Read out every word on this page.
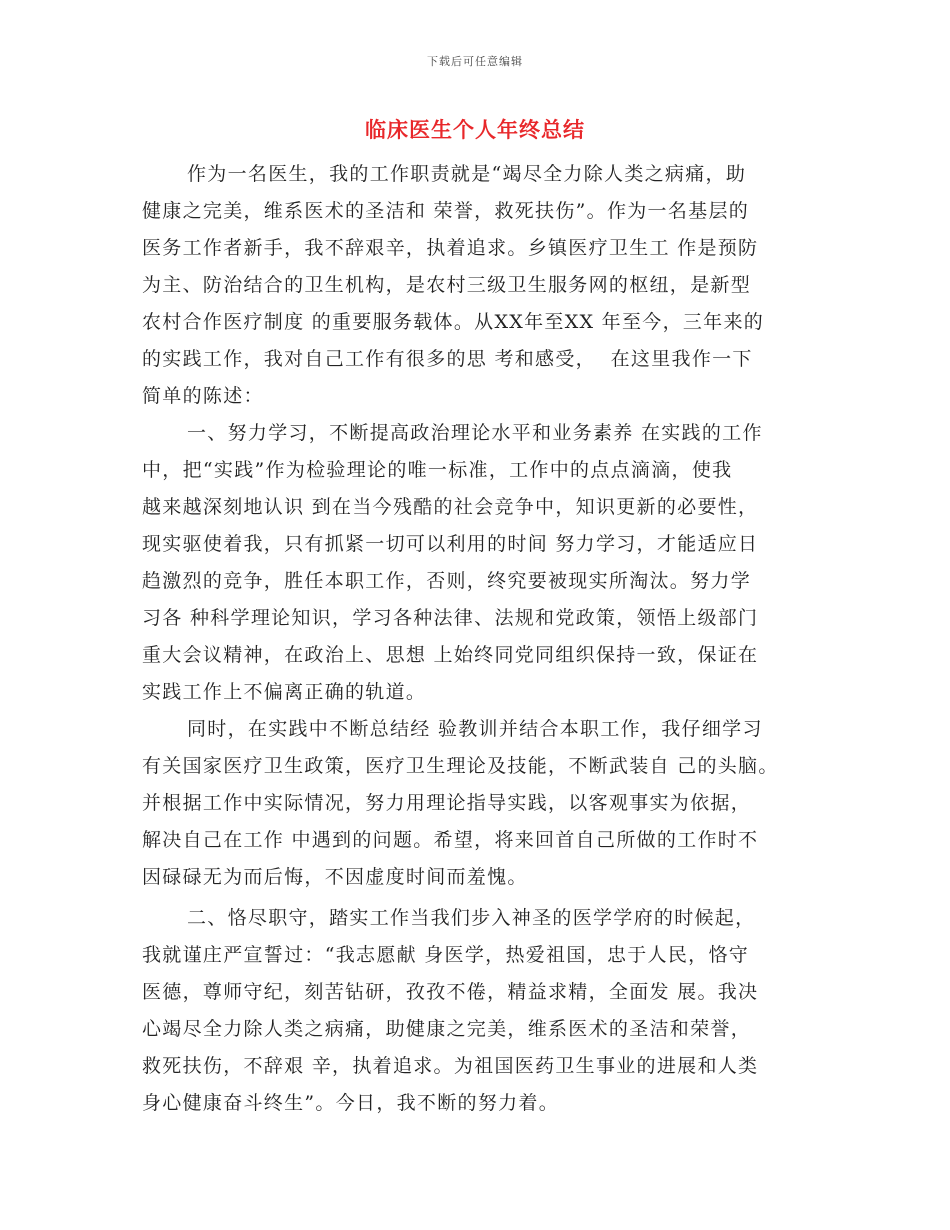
下载后可任意编辑
临床医生个人年终总结
作为一名医生，我的工作职责就是“竭尽全力除人类之病痛，助
健康之完美，维系医术的圣洁和 荣誉，救死扶伤”。作为一名基层的
医务工作者新手，我不辞艰辛，执着追求。乡镇医疗卫生工 作是预防
为主、防治结合的卫生机构，是农村三级卫生服务网的枢纽，是新型
农村合作医疗制度 的重要服务载体。从XX年至XX 年至今，三年来的
的实践工作，我对自己工作有很多的思 考和感受，  在这里我作一下
简单的陈述：
一、努力学习，不断提高政治理论水平和业务素养 在实践的工作
中，把“实践”作为检验理论的唯一标准，工作中的点点滴滴，使我
越来越深刻地认识 到在当今残酷的社会竞争中，知识更新的必要性，
现实驱使着我，只有抓紧一切可以利用的时间 努力学习，才能适应日
趋激烈的竞争，胜任本职工作，否则，终究要被现实所淘汰。努力学
习各 种科学理论知识，学习各种法律、法规和党政策，领悟上级部门
重大会议精神，在政治上、思想 上始终同党同组织保持一致，保证在
实践工作上不偏离正确的轨道。
同时，在实践中不断总结经 验教训并结合本职工作，我仔细学习
有关国家医疗卫生政策，医疗卫生理论及技能，不断武装自 己的头脑。
并根据工作中实际情况，努力用理论指导实践，以客观事实为依据，
解决自己在工作 中遇到的问题。希望，将来回首自己所做的工作时不
因碌碌无为而后悔，不因虚度时间而羞愧。
二、恪尽职守，踏实工作当我们步入神圣的医学学府的时候起，
我就谨庄严宣誓过：“我志愿献 身医学，热爱祖国，忠于人民，恪守
医德，尊师守纪，刻苦钻研，孜孜不倦，精益求精，全面发 展。我决
心竭尽全力除人类之病痛，助健康之完美，维系医术的圣洁和荣誉，
救死扶伤，不辞艰 辛，执着追求。为祖国医药卫生事业的进展和人类
身心健康奋斗终生”。今日，我不断的努力着。
